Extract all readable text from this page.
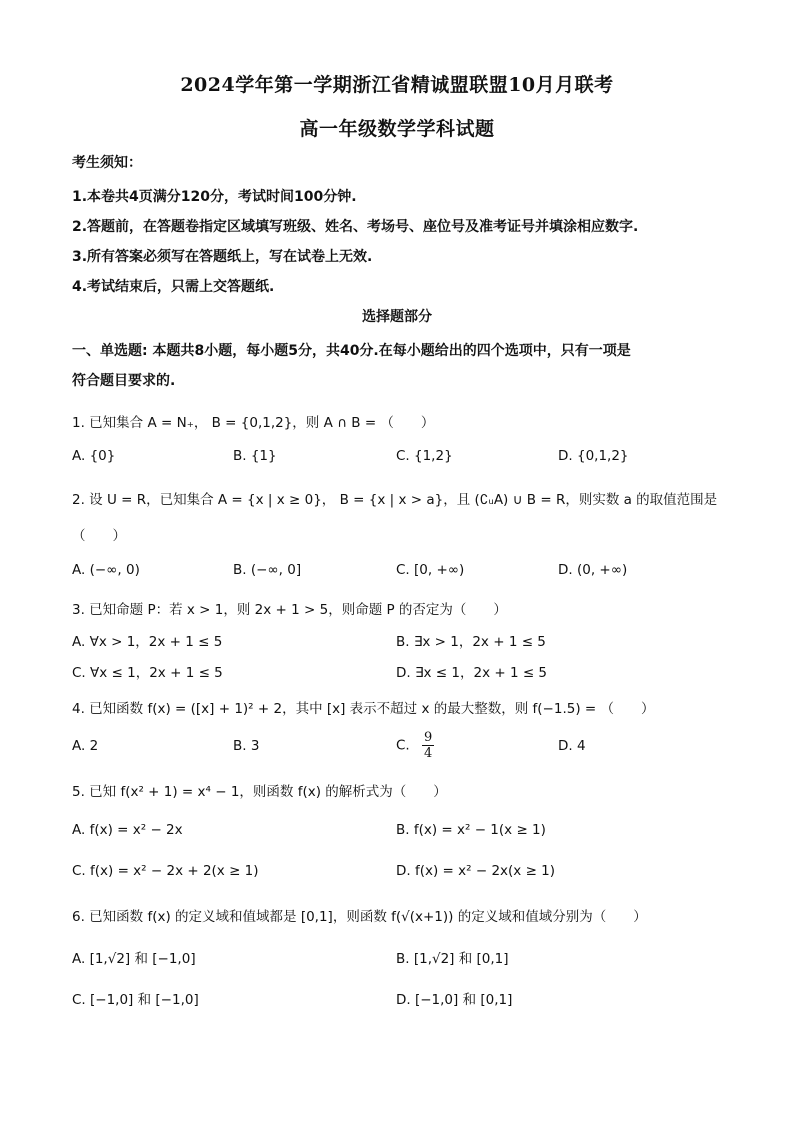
2024学年第一学期浙江省精诚盟联盟10月月联考
高一年级数学学科试题
考生须知：
1.本卷共4页满分120分，考试时间100分钟.
2.答题前，在答题卷指定区域填写班级、姓名、考场号、座位号及准考证号并填涂相应数字.
3.所有答案必须写在答题纸上，写在试卷上无效.
4.考试结束后，只需上交答题纸.
选择题部分
一、单选题: 本题共8小题，每小题5分，共40分.在每小题给出的四个选项中，只有一项是
符合题目要求的.
1. 已知集合 A = N₊， B = {0,1,2}，则 A ∩ B = （　　）
A. {0}	B. {1}	C. {1,2}	D. {0,1,2}
2. 设 U = R，已知集合 A = {x | x ≥ 0}， B = {x | x > a}，且 (∁ᵤA) ∪ B = R，则实数 a 的取值范围是
（　　）
A. (−∞, 0)	B. (−∞, 0]	C. [0, +∞)	D. (0, +∞)
3. 已知命题 P：若 x > 1，则 2x + 1 > 5，则命题 P 的否定为（　　）
A. ∀x > 1，2x + 1 ≤ 5	B. ∃x > 1，2x + 1 ≤ 5
C. ∀x ≤ 1，2x + 1 ≤ 5	D. ∃x ≤ 1，2x + 1 ≤ 5
4. 已知函数 f(x) = ([x] + 1)² + 2，其中 [x] 表示不超过 x 的最大整数，则 f(−1.5) = （　　）
A. 2	B. 3	C. $\frac{9}{4}$	D. 4
5. 已知 f(x² + 1) = x⁴ − 1，则函数 f(x) 的解析式为（　　）
A. f(x) = x² − 2x	B. f(x) = x² − 1(x ≥ 1)
C. f(x) = x² − 2x + 2(x ≥ 1)	D. f(x) = x² − 2x(x ≥ 1)
6. 已知函数 f(x) 的定义域和值域都是 [0,1]，则函数 f(√(x+1)) 的定义域和值域分别为（　　）
A. [1,√2] 和 [−1,0]	B. [1,√2] 和 [0,1]
C. [−1,0] 和 [−1,0]	D. [−1,0] 和 [0,1]
